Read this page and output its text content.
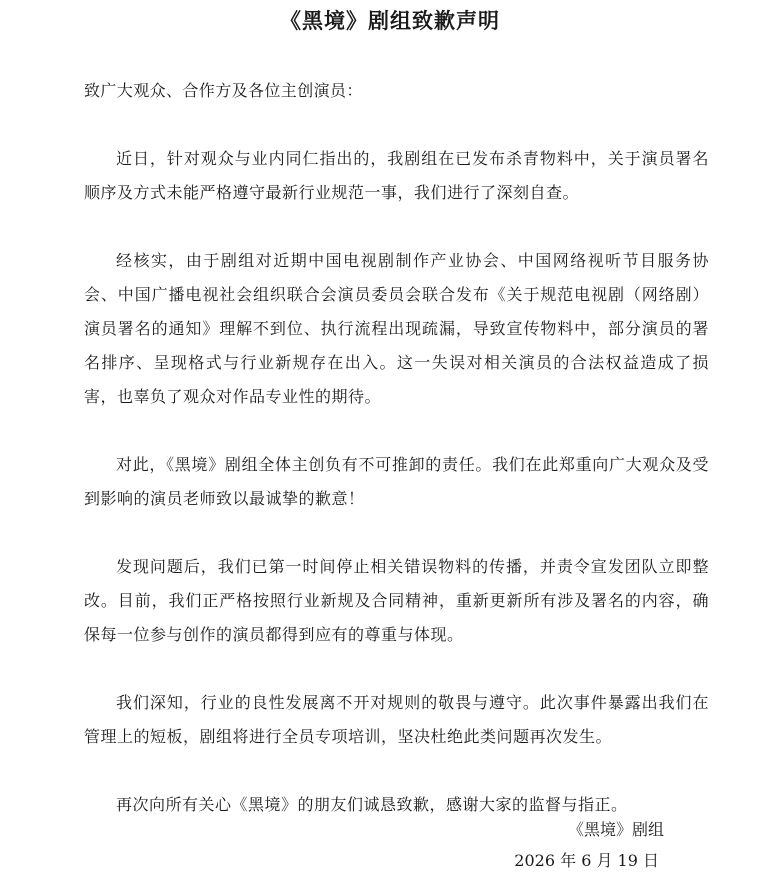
《黑境》剧组致歉声明
致广大观众、合作方及各位主创演员：

近日，针对观众与业内同仁指出的，我剧组在已发布杀青物料中，关于演员署名顺序及方式未能严格遵守最新行业规范一事，我们进行了深刻自查。

经核实，由于剧组对近期中国电视剧制作产业协会、中国网络视听节目服务协会、中国广播电视社会组织联合会演员委员会联合发布《关于规范电视剧（网络剧）演员署名的通知》理解不到位、执行流程出现疏漏，导致宣传物料中，部分演员的署名排序、呈现格式与行业新规存在出入。这一失误对相关演员的合法权益造成了损害，也辜负了观众对作品专业性的期待。

对此，《黑境》剧组全体主创负有不可推卸的责任。我们在此郑重向广大观众及受到影响的演员老师致以最诚挚的歉意！

发现问题后，我们已第一时间停止相关错误物料的传播，并责令宣发团队立即整改。目前，我们正严格按照行业新规及合同精神，重新更新所有涉及署名的内容，确保每一位参与创作的演员都得到应有的尊重与体现。

我们深知，行业的良性发展离不开对规则的敬畏与遵守。此次事件暴露出我们在管理上的短板，剧组将进行全员专项培训，坚决杜绝此类问题再次发生。

再次向所有关心《黑境》的朋友们诚恳致歉，感谢大家的监督与指正。

《黑境》剧组
2026 年 6 月 19 日
